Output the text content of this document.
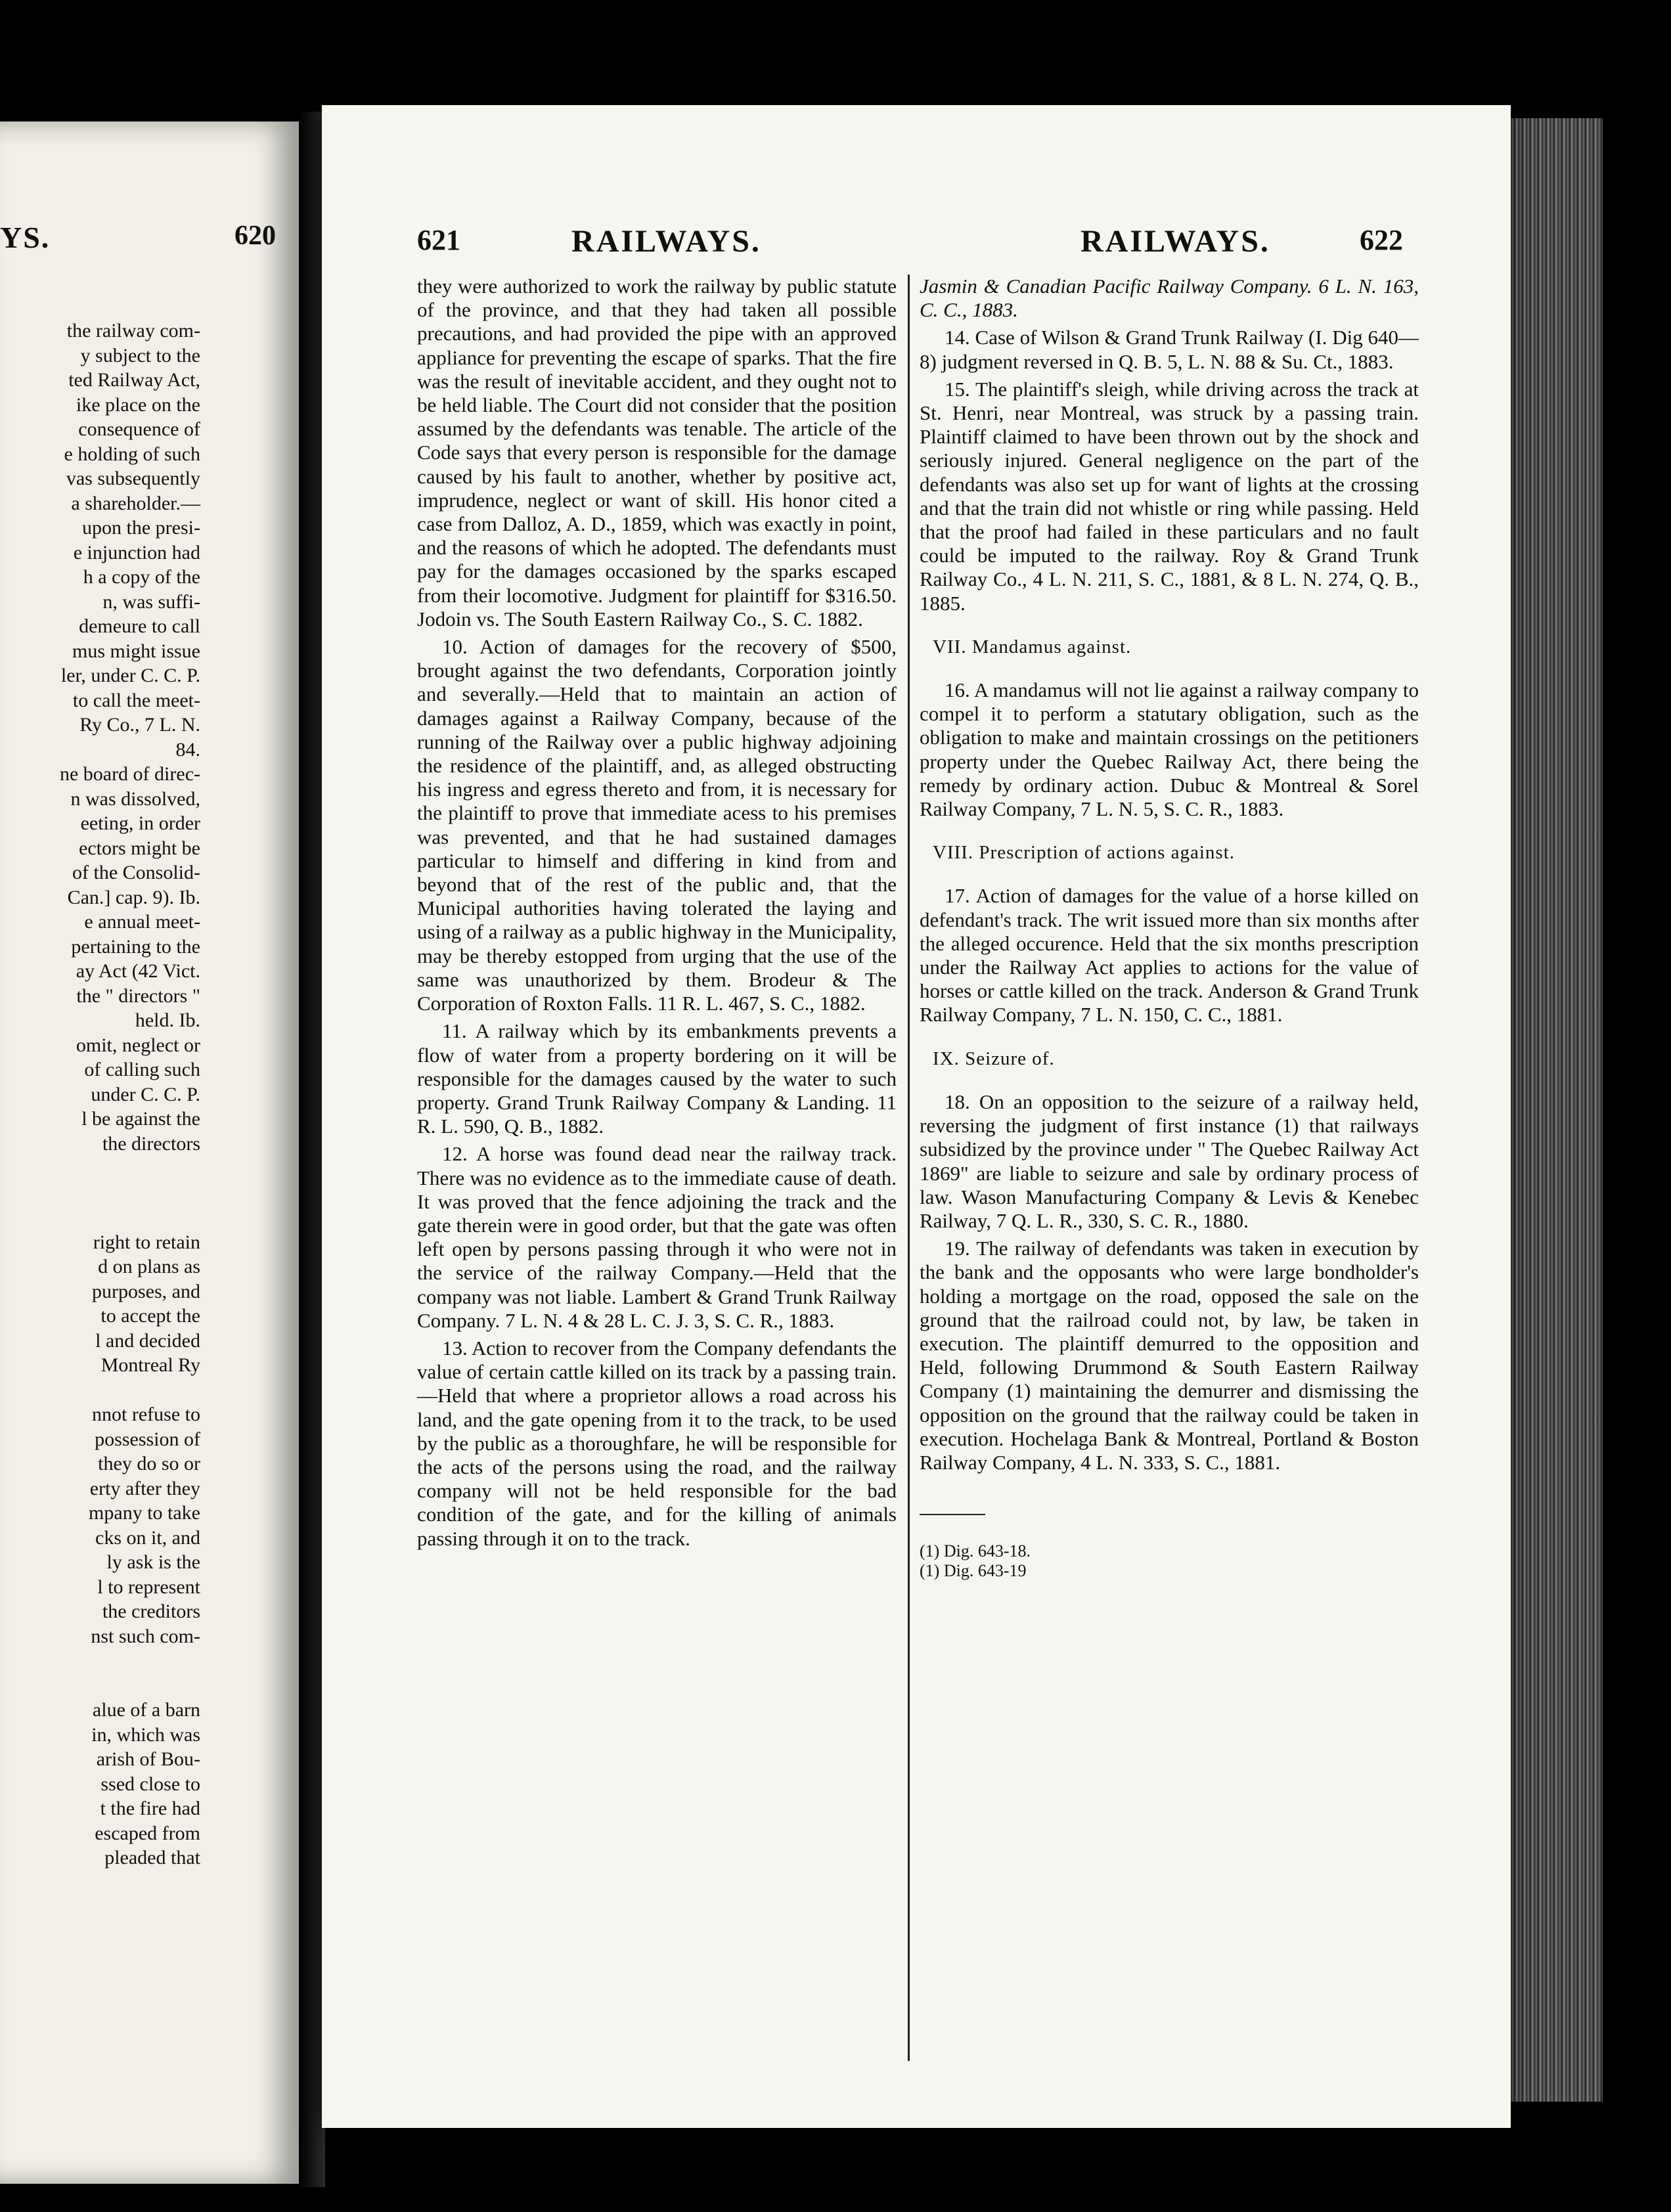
YS.	620

the railway com-

y subject to the

ted Railway Act,

ike place on the

consequence of

e holding of such

vas subsequently

a shareholder.—

upon the presi-

e injunction had

h a copy of the

n, was suffi-

demeure to call

mus might issue

ler, under C. C. P.

to call the meet-

Ry Co., 7 L. N.

84.

ne board of direc-

n was dissolved,

eeting, in order

ectors might be

of the Consolid-

Can.] cap. 9). Ib.

e annual meet-

pertaining to the

ay Act (42 Vict.

the " directors "

held. Ib.

omit, neglect or

of calling such

under C. C. P.

l be against the

the directors

right to retain

d on plans as

purposes, and

to accept the

l and decided

Montreal Ry

nnot refuse to

possession of

they do so or

erty after they

mpany to take

cks on it, and

ly ask is the

l to represent

the creditors

nst such com-

alue of a barn

in, which was

arish of Bou-

ssed close to

t the fire had

escaped from

pleaded that

621	RAILWAYS.	RAILWAYS.	622

they were authorized to work the railway by public statute of the province, and that they had taken all possible precautions, and had provided the pipe with an approved appliance for preventing the escape of sparks. That the fire was the result of inevitable accident, and they ought not to be held liable. The Court did not consider that the position assumed by the defendants was tenable. The article of the Code says that every person is responsible for the damage caused by his fault to another, whether by positive act, imprudence, neglect or want of skill. His honor cited a case from Dalloz, A. D., 1859, which was exactly in point, and the reasons of which he adopted. The defendants must pay for the damages occasioned by the sparks escaped from their locomotive. Judgment for plaintiff for $316.50. Jodoin vs. The South Eastern Railway Co., S. C. 1882.

10. Action of damages for the recovery of $500, brought against the two defendants, Corporation jointly and severally.—Held that to maintain an action of damages against a Railway Company, because of the running of the Railway over a public highway adjoining the residence of the plaintiff, and, as alleged obstructing his ingress and egress thereto and from, it is necessary for the plaintiff to prove that immediate acess to his premises was prevented, and that he had sustained damages particular to himself and differing in kind from and beyond that of the rest of the public and, that the Municipal authorities having tolerated the laying and using of a railway as a public highway in the Municipality, may be thereby estopped from urging that the use of the same was unauthorized by them. Brodeur & The Corporation of Roxton Falls. 11 R. L. 467, S. C., 1882.

11. A railway which by its embankments prevents a flow of water from a property bordering on it will be responsible for the damages caused by the water to such property. Grand Trunk Railway Company & Landing. 11 R. L. 590, Q. B., 1882.

12. A horse was found dead near the railway track. There was no evidence as to the immediate cause of death. It was proved that the fence adjoining the track and the gate therein were in good order, but that the gate was often left open by persons passing through it who were not in the service of the railway Company.—Held that the company was not liable. Lambert & Grand Trunk Railway Company. 7 L. N. 4 & 28 L. C. J. 3, S. C. R., 1883.

13. Action to recover from the Company defendants the value of certain cattle killed on its track by a passing train.—Held that where a proprietor allows a road across his land, and the gate opening from it to the track, to be used by the public as a thoroughfare, he will be responsible for the acts of the persons using the road, and the railway company will not be held responsible for the bad condition of the gate, and for the killing of animals passing through it on to the track.

Jasmin & Canadian Pacific Railway Company. 6 L. N. 163, C. C., 1883.

14. Case of Wilson & Grand Trunk Railway (I. Dig 640—8) judgment reversed in Q. B. 5, L. N. 88 & Su. Ct., 1883.

15. The plaintiff's sleigh, while driving across the track at St. Henri, near Montreal, was struck by a passing train. Plaintiff claimed to have been thrown out by the shock and seriously injured. General negligence on the part of the defendants was also set up for want of lights at the crossing and that the train did not whistle or ring while passing. Held that the proof had failed in these particulars and no fault could be imputed to the railway. Roy & Grand Trunk Railway Co., 4 L. N. 211, S. C., 1881, & 8 L. N. 274, Q. B., 1885.

VII. Mandamus against.

16. A mandamus will not lie against a railway company to compel it to perform a statutary obligation, such as the obligation to make and maintain crossings on the petitioners property under the Quebec Railway Act, there being the remedy by ordinary action. Dubuc & Montreal & Sorel Railway Company, 7 L. N. 5, S. C. R., 1883.

VIII. Prescription of actions against.

17. Action of damages for the value of a horse killed on defendant's track. The writ issued more than six months after the alleged occurence. Held that the six months prescription under the Railway Act applies to actions for the value of horses or cattle killed on the track. Anderson & Grand Trunk Railway Company, 7 L. N. 150, C. C., 1881.

IX. Seizure of.

18. On an opposition to the seizure of a railway held, reversing the judgment of first instance (1) that railways subsidized by the province under " The Quebec Railway Act 1869" are liable to seizure and sale by ordinary process of law. Wason Manufacturing Company & Levis & Kenebec Railway, 7 Q. L. R., 330, S. C. R., 1880.

19. The railway of defendants was taken in execution by the bank and the opposants who were large bondholder's holding a mortgage on the road, opposed the sale on the ground that the railroad could not, by law, be taken in execution. The plaintiff demurred to the opposition and Held, following Drummond & South Eastern Railway Company (1) maintaining the demurrer and dismissing the opposition on the ground that the railway could be taken in execution. Hochelaga Bank & Montreal, Portland & Boston Railway Company, 4 L. N. 333, S. C., 1881.

(1) Dig. 643-18.

(1) Dig. 643-19
